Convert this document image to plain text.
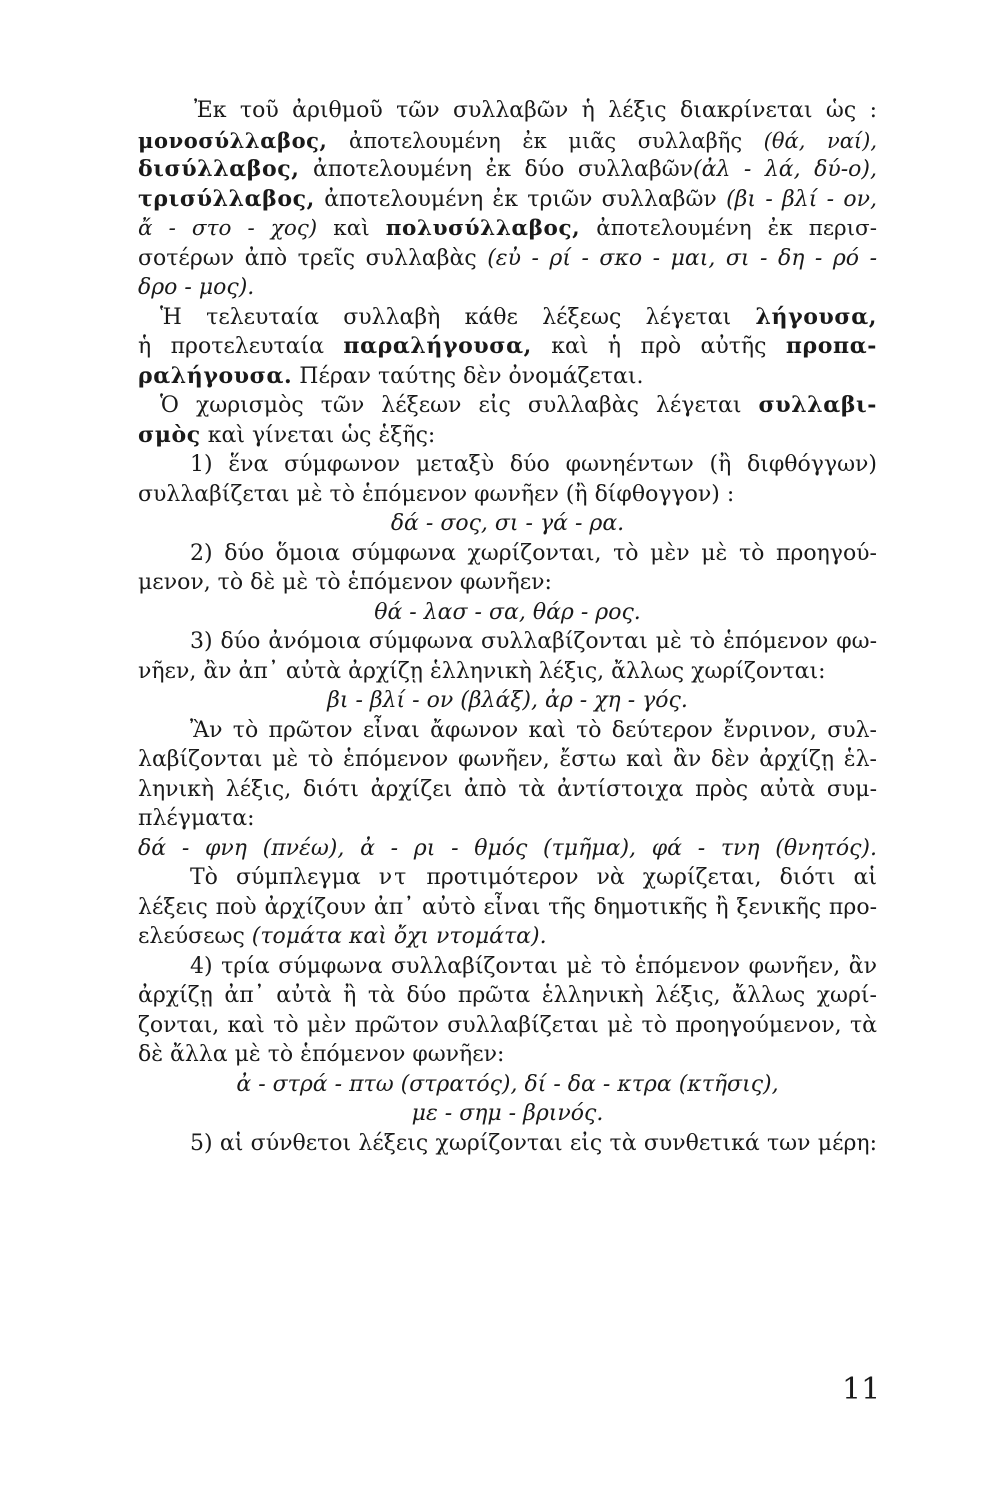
Ἐκ τοῦ ἀριθμοῦ τῶν συλλαβῶν ἡ λέξις διακρίνεται ὡς :
μονοσύλλαβος, ἀποτελουμένη ἐκ μιᾶς συλλαβῆς (θά, ναί),
δισύλλαβος, ἀποτελουμένη ἐκ δύο συλλαβῶν(ἀλ - λά, δύ-ο),
τρισύλλαβος, ἀποτελουμένη ἐκ τριῶν συλλαβῶν (βι - βλί - ον,
ἄ - στο - χος) καὶ πολυσύλλαβος, ἀποτελουμένη ἐκ περισ-
σοτέρων ἀπὸ τρεῖς συλλαβὰς (εὐ - ρί - σκο - μαι, σι - δη - ρό -
δρο - μος).
Ἡ τελευταία συλλαβὴ κάθε λέξεως λέγεται λήγουσα,
ἡ προτελευταία παραλήγουσα, καὶ ἡ πρὸ αὐτῆς προπα-
ραλήγουσα. Πέραν ταύτης δὲν ὀνομάζεται.
Ὁ χωρισμὸς τῶν λέξεων εἰς συλλαβὰς λέγεται συλλαβι-
σμὸς καὶ γίνεται ὡς ἑξῆς:
1) ἕνα σύμφωνον μεταξὺ δύο φωνηέντων (ἢ διφθόγγων)
συλλαβίζεται μὲ τὸ ἑπόμενον φωνῆεν (ἢ δίφθογγον) :
δά - σος, σι - γά - ρα.
2) δύο ὅμοια σύμφωνα χωρίζονται, τὸ μὲν μὲ τὸ προηγού-
μενον, τὸ δὲ μὲ τὸ ἑπόμενον φωνῆεν:
θά - λασ - σα, θάρ - ρος.
3) δύο ἀνόμοια σύμφωνα συλλαβίζονται μὲ τὸ ἑπόμενον φω-
νῆεν, ἂν ἀπ᾿ αὐτὰ ἀρχίζῃ ἑλληνικὴ λέξις, ἄλλως χωρίζονται:
βι - βλί - ον (βλάξ), ἀρ - χη - γός.
Ἂν τὸ πρῶτον εἶναι ἄφωνον καὶ τὸ δεύτερον ἔνρινον, συλ-
λαβίζονται μὲ τὸ ἑπόμενον φωνῆεν, ἔστω καὶ ἂν δὲν ἀρχίζῃ ἑλ-
ληνικὴ λέξις, διότι ἀρχίζει ἀπὸ τὰ ἀντίστοιχα πρὸς αὐτὰ συμ-
πλέγματα:
δά - φνη (πνέω), ἀ - ρι - θμός (τμῆμα), φά - τνη (θνητός).
Τὸ σύμπλεγμα ντ προτιμότερον νὰ χωρίζεται, διότι αἱ
λέξεις ποὺ ἀρχίζουν ἀπ᾿ αὐτὸ εἶναι τῆς δημοτικῆς ἢ ξενικῆς προ-
ελεύσεως (τομάτα καὶ ὄχι ντομάτα).
4) τρία σύμφωνα συλλαβίζονται μὲ τὸ ἑπόμενον φωνῆεν, ἂν
ἀρχίζῃ ἀπ᾿ αὐτὰ ἢ τὰ δύο πρῶτα ἑλληνικὴ λέξις, ἄλλως χωρί-
ζονται, καὶ τὸ μὲν πρῶτον συλλαβίζεται μὲ τὸ προηγούμενον, τὰ
δὲ ἄλλα μὲ τὸ ἑπόμενον φωνῆεν:
ἀ - στρά - πτω (στρατός), δί - δα - κτρα (κτῆσις),
με - σημ - βρινός.
5) αἱ σύνθετοι λέξεις χωρίζονται εἰς τὰ συνθετικά των μέρη:
11
